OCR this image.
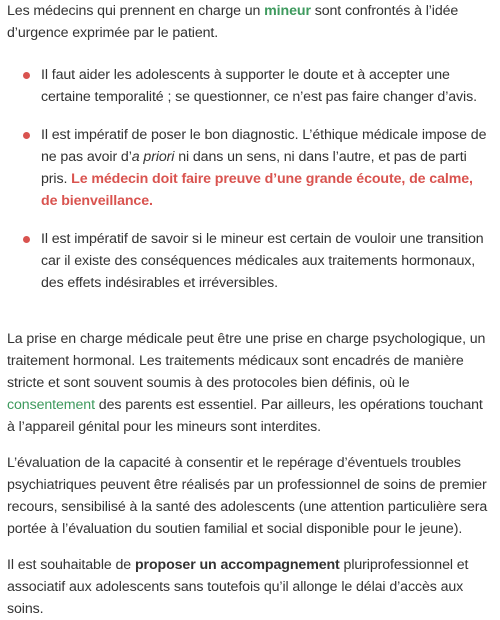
Les médecins qui prennent en charge un mineur sont confrontés à l’idée d’urgence exprimée par le patient.

Il faut aider les adolescents à supporter le doute et à accepter une certaine temporalité ; se questionner, ce n’est pas faire changer d’avis.
Il est impératif de poser le bon diagnostic. L’éthique médicale impose de ne pas avoir d’a priori ni dans un sens, ni dans l’autre, et pas de parti pris. Le médecin doit faire preuve d’une grande écoute, de calme, de bienveillance.
Il est impératif de savoir si le mineur est certain de vouloir une transition car il existe des conséquences médicales aux traitements hormonaux, des effets indésirables et irréversibles.

La prise en charge médicale peut être une prise en charge psychologique, un traitement hormonal. Les traitements médicaux sont encadrés de manière stricte et sont souvent soumis à des protocoles bien définis, où le consentement des parents est essentiel. Par ailleurs, les opérations touchant à l’appareil génital pour les mineurs sont interdites.

L’évaluation de la capacité à consentir et le repérage d’éventuels troubles psychiatriques peuvent être réalisés par un professionnel de soins de premier recours, sensibilisé à la santé des adolescents (une attention particulière sera portée à l’évaluation du soutien familial et social disponible pour le jeune).

Il est souhaitable de proposer un accompagnement pluriprofessionnel et associatif aux adolescents sans toutefois qu’il allonge le délai d’accès aux soins.
